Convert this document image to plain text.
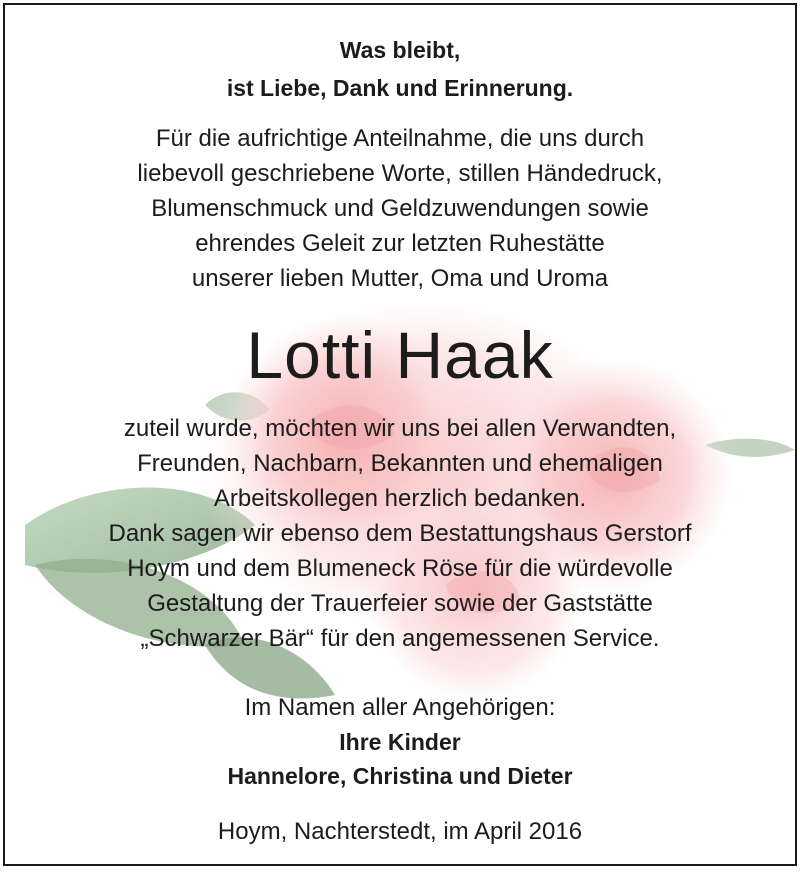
Was bleibt,
ist Liebe, Dank und Erinnerung.
Für die aufrichtige Anteilnahme, die uns durch
liebevoll geschriebene Worte, stillen Händedruck,
Blumenschmuck und Geldzuwendungen sowie
ehrendes Geleit zur letzten Ruhestätte
unserer lieben Mutter, Oma und Uroma
Lotti Haak
zuteil wurde, möchten wir uns bei allen Verwandten,
Freunden, Nachbarn, Bekannten und ehemaligen
Arbeitskollegen herzlich bedanken.
Dank sagen wir ebenso dem Bestattungshaus Gerstorf
Hoym und dem Blumeneck Röse für die würdevolle
Gestaltung der Trauerfeier sowie der Gaststätte
„Schwarzer Bär“ für den angemessenen Service.
Im Namen aller Angehörigen:
Ihre Kinder
Hannelore, Christina und Dieter
Hoym, Nachterstedt, im April 2016
